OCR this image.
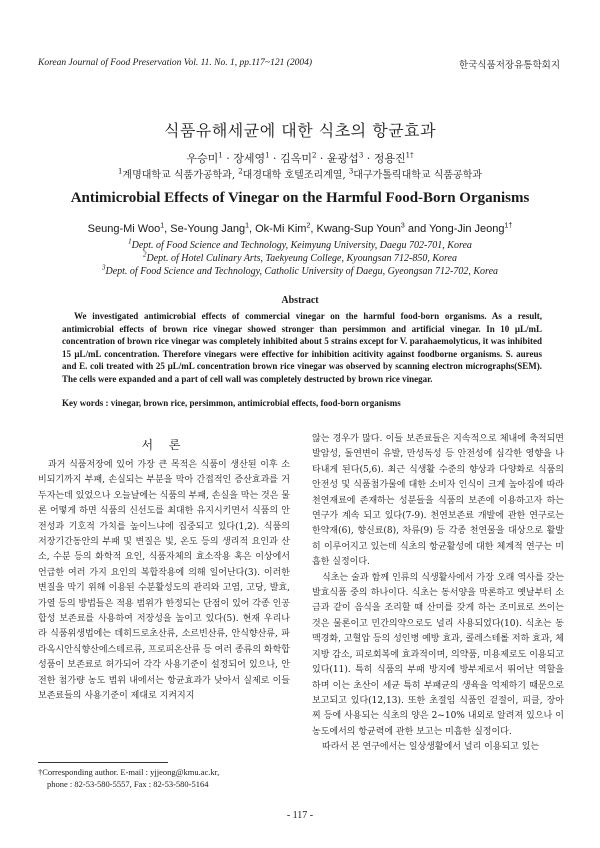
Korean Journal of Food Preservation Vol. 11. No. 1, pp.117~121 (2004)	한국식품저장유통학회지
식품유해세균에 대한 식초의 항균효과
우승미$^1$ · 장세영$^1$ · 김옥미$^2$ · 윤광섭$^3$ · 정용진$^{1\dagger}$
$^1$계명대학교 식품가공학과, $^2$대경대학 호텔조리계열, $^3$대구가톨릭대학교 식품공학과
Antimicrobial Effects of Vinegar on the Harmful Food-Born Organisms
Seung-Mi Woo$^1$, Se-Young Jang$^1$, Ok-Mi Kim$^2$, Kwang-Sup Youn$^3$ and Yong-Jin Jeong$^{1\dagger}$
$^1$Dept. of Food Science and Technology, Keimyung University, Daegu 702-701, Korea
$^2$Dept. of Hotel Culinary Arts, Taekyeung College, Kyoungsan 712-850, Korea
$^3$Dept. of Food Science and Technology, Catholic University of Daegu, Gyeongsan 712-702, Korea
Abstract

We investigated antimicrobial effects of commercial vinegar on the harmful food-born organisms. As a result, antimicrobial effects of brown rice vinegar showed stronger than persimmon and artificial vinegar. In 10 μL/mL concentration of brown rice vinegar was completely inhibited about 5 strains except for V. parahaemolyticus, it was inhibited 15 μL/mL concentration. Therefore vinegars were effective for inhibition acitivity against foodborne organisms. S. aureus and E. coli treated with 25 μL/mL concentration brown rice vinegar was observed by scanning electron micrographs(SEM). The cells were expanded and a part of cell wall was completely destructed by brown rice vinegar.

Key words : vinegar, brown rice, persimmon, antimicrobial effects, food-born organisms
서 론

과거 식품저장에 있어 가장 큰 목적은 식품이 생산된 이후 소비되기까지 부패, 손실되는 부분을 막아 간접적인 증산효과를 거두자는데 있었으나 오늘날에는 식품의 부패, 손실을 막는 것은 물론 어떻게 하면 식품의 신선도를 최대한 유지시키면서 식품의 안전성과 기호적 가치를 높이느냐에 집중되고 있다(1,2). 식품의 저장기간동안의 부패 및 변질은 빛, 온도 등의 생리적 요인과 산소, 수분 등의 화학적 요인, 식품자체의 효소작용 혹은 이상에서 언급한 여러 가지 요인의 복합작용에 의해 일어난다(3). 이러한 변질을 막기 위해 이용된 수분활성도의 관리와 고염, 고당, 발효, 가열 등의 방법들은 적용 범위가 한정되는 단점이 있어 각종 인공합성 보존료를 사용하여 저장성을 높이고 있다(5). 현재 우리나라 식품위생법에는 데히드로초산류, 소르빈산류, 안식향산류, 파라옥시안식향산에스테르류, 프로피온산류 등 여러 종류의 화학합성품이 보존료로 허가되어 각각 사용기준이 설정되어 있으나, 안전한 첨가량 농도 범위 내에서는 항균효과가 낮아서 실제로 이들 보존료들의 사용기준이 제대로 지켜지지

않는 경우가 많다. 이들 보존료들은 지속적으로 체내에 축적되면 발암성, 돌연변이 유발, 만성독성 등 안전성에 심각한 영향을 나타내게 된다(5,6). 최근 식생활 수준의 향상과 다양화로 식품의 안전성 및 식품첨가물에 대한 소비자 인식이 크게 높아짐에 따라 천연재료에 존재하는 성분들을 식품의 보존에 이용하고자 하는 연구가 계속 되고 있다(7-9). 천연보존료 개발에 관한 연구로는 한약재(6), 향신료(8), 차류(9) 등 각종 천연물을 대상으로 활발히 이루어지고 있는데 식초의 항균활성에 대한 체계적 연구는 미흡한 실정이다.

식초는 술과 함께 인류의 식생활사에서 가장 오래 역사를 갖는 발효식품 중의 하나이다. 식초는 동서양을 막론하고 옛날부터 소금과 같이 음식을 조리할 때 산미를 갖게 하는 조미료로 쓰이는 것은 물론이고 민간의약으로도 널리 사용되었다(10). 식초는 동맥경화, 고혈압 등의 성인병 예방 효과, 콜레스테롤 저하 효과, 체지방 감소, 피로회복에 효과적이며, 의약품, 미용제로도 이용되고 있다(11). 특히 식품의 부패 방지에 방부제로서 뛰어난 역할을 하며 이는 초산이 세균 특히 부패균의 생육을 억제하기 때문으로 보고되고 있다(12,13). 또한 초절임 식품인 겉절이, 피클, 장아찌 등에 사용되는 식초의 양은 2~10% 내외로 알려져 있으나 이 농도에서의 항균력에 관한 보고는 미흡한 실정이다.

따라서 본 연구에서는 일상생활에서 널리 이용되고 있는

†Corresponding author. E-mail : yjjeong@kmu.ac.kr,
phone : 82-53-580-5557, Fax : 82-53-580-5164
- 117 -
